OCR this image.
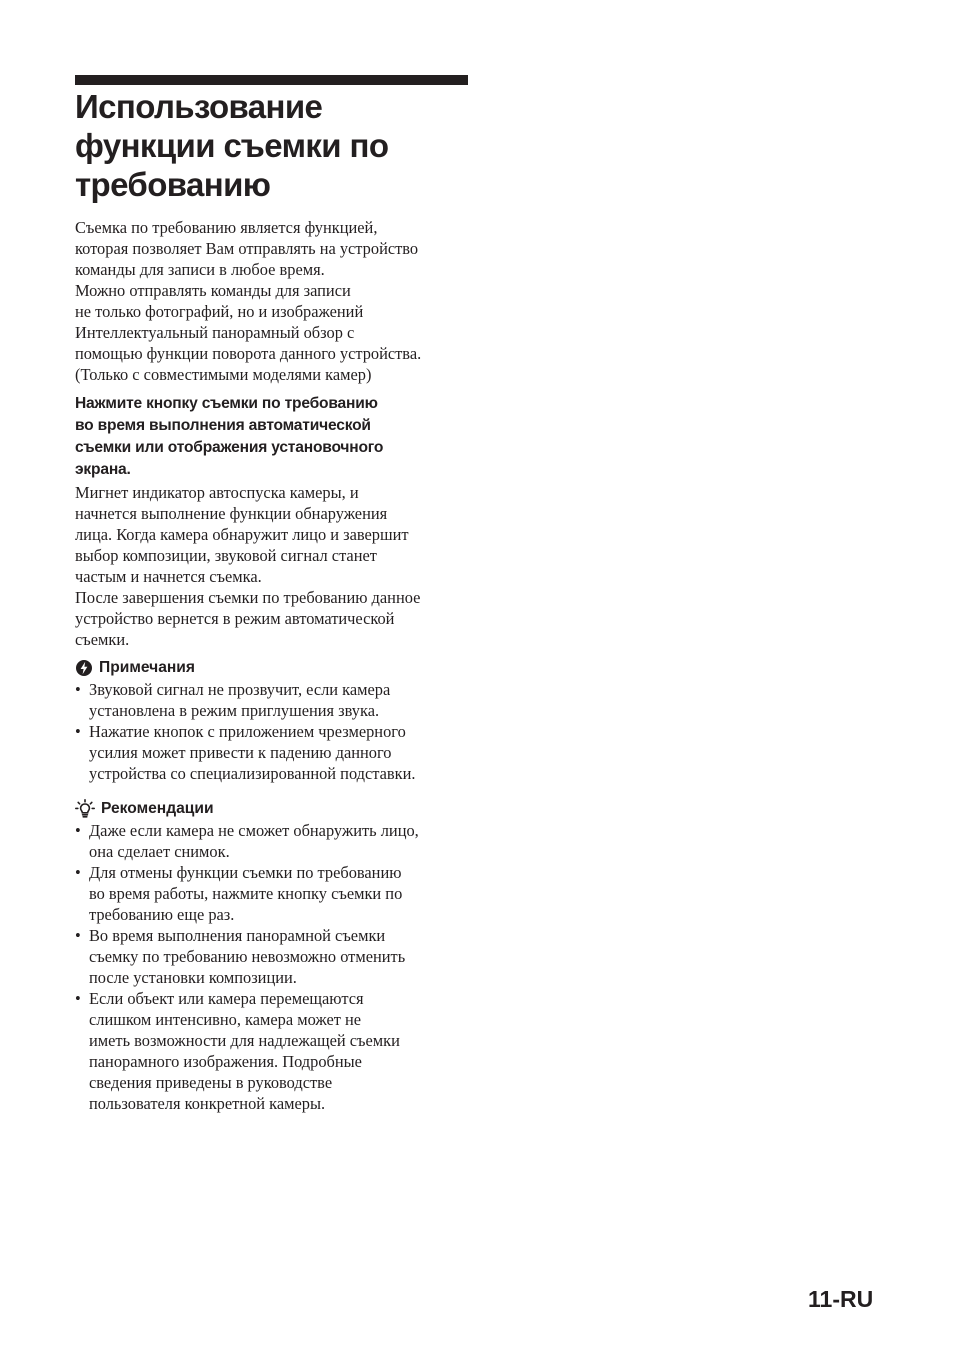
Использование
функции съемки по
требованию
Съемка по требованию является функцией,
которая позволяет Вам отправлять на устройство
команды для записи в любое время.
Можно отправлять команды для записи
не только фотографий, но и изображений
Интеллектуальный панорамный обзор с
помощью функции поворота данного устройства.
(Только с совместимыми моделями камер)
Нажмите кнопку съемки по требованию
во время выполнения автоматической
съемки или отображения установочного
экрана.
Мигнет индикатор автоспуска камеры, и
начнется выполнение функции обнаружения
лица. Когда камера обнаружит лицо и завершит
выбор композиции, звуковой сигнал станет
частым и начнется съемка.
После завершения съемки по требованию данное
устройство вернется в режим автоматической
съемки.
Примечания
• Звуковой сигнал не прозвучит, если камера
установлена в режим приглушения звука.
• Нажатие кнопок с приложением чрезмерного
усилия может привести к падению данного
устройства со специализированной подставки.
Рекомендации
• Даже если камера не сможет обнаружить лицо,
она сделает снимок.
• Для отмены функции съемки по требованию
во время работы, нажмите кнопку съемки по
требованию еще раз.
• Во время выполнения панорамной съемки
съемку по требованию невозможно отменить
после установки композиции.
• Если объект или камера перемещаются
слишком интенсивно, камера может не
иметь возможности для надлежащей съемки
панорамного изображения. Подробные
сведения приведены в руководстве
пользователя конкретной камеры.
11-RU
